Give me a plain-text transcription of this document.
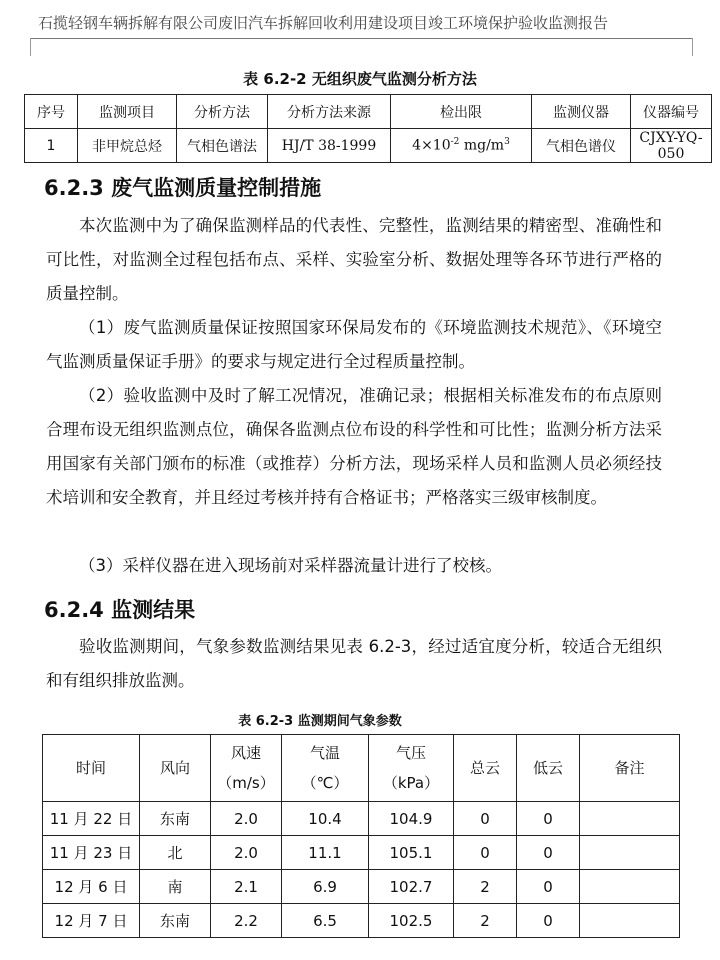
石揽轻钢车辆拆解有限公司废旧汽车拆解回收利用建设项目竣工环境保护验收监测报告
表 6.2-2 无组织废气监测分析方法
序号	监测项目	分析方法	分析方法来源	检出限	监测仪器	仪器编号
1	非甲烷总烃	气相色谱法	HJ/T 38-1999	$4\times 10^{-2}$ $mg/m^3$	气相色谱仪	CJXY-YQ-050
6.2.3 废气监测质量控制措施

本次监测中为了确保监测样品的代表性、完整性，监测结果的精密型、准确性和可比性，对监测全过程包括布点、采样、实验室分析、数据处理等各环节进行严格的质量控制。

（1）废气监测质量保证按照国家环保局发布的《环境监测技术规范》、《环境空气监测质量保证手册》的要求与规定进行全过程质量控制。

（2）验收监测中及时了解工况情况，准确记录；根据相关标准发布的布点原则合理布设无组织监测点位，确保各监测点位布设的科学性和可比性；监测分析方法采用国家有关部门颁布的标准（或推荐）分析方法，现场采样人员和监测人员必须经技术培训和安全教育，并且经过考核并持有合格证书；严格落实三级审核制度。

（3）采样仪器在进入现场前对采样器流量计进行了校核。

6.2.4 监测结果

验收监测期间，气象参数监测结果见表 6.2-3，经过适宜度分析，较适合无组织和有组织排放监测。

表 6.2-3 监测期间气象参数
时间	风向	风速
（m/s）	气温
（℃）	气压
（kPa）	总云	低云	备注

11 月 22 日	东南	2.0	10.4	104.9	0	0	
11 月 23 日	北	2.0	11.1	105.1	0	0	
12 月 6 日	南	2.1	6.9	102.7	2	0	
12 月 7 日	东南	2.2	6.5	102.5	2	0	
